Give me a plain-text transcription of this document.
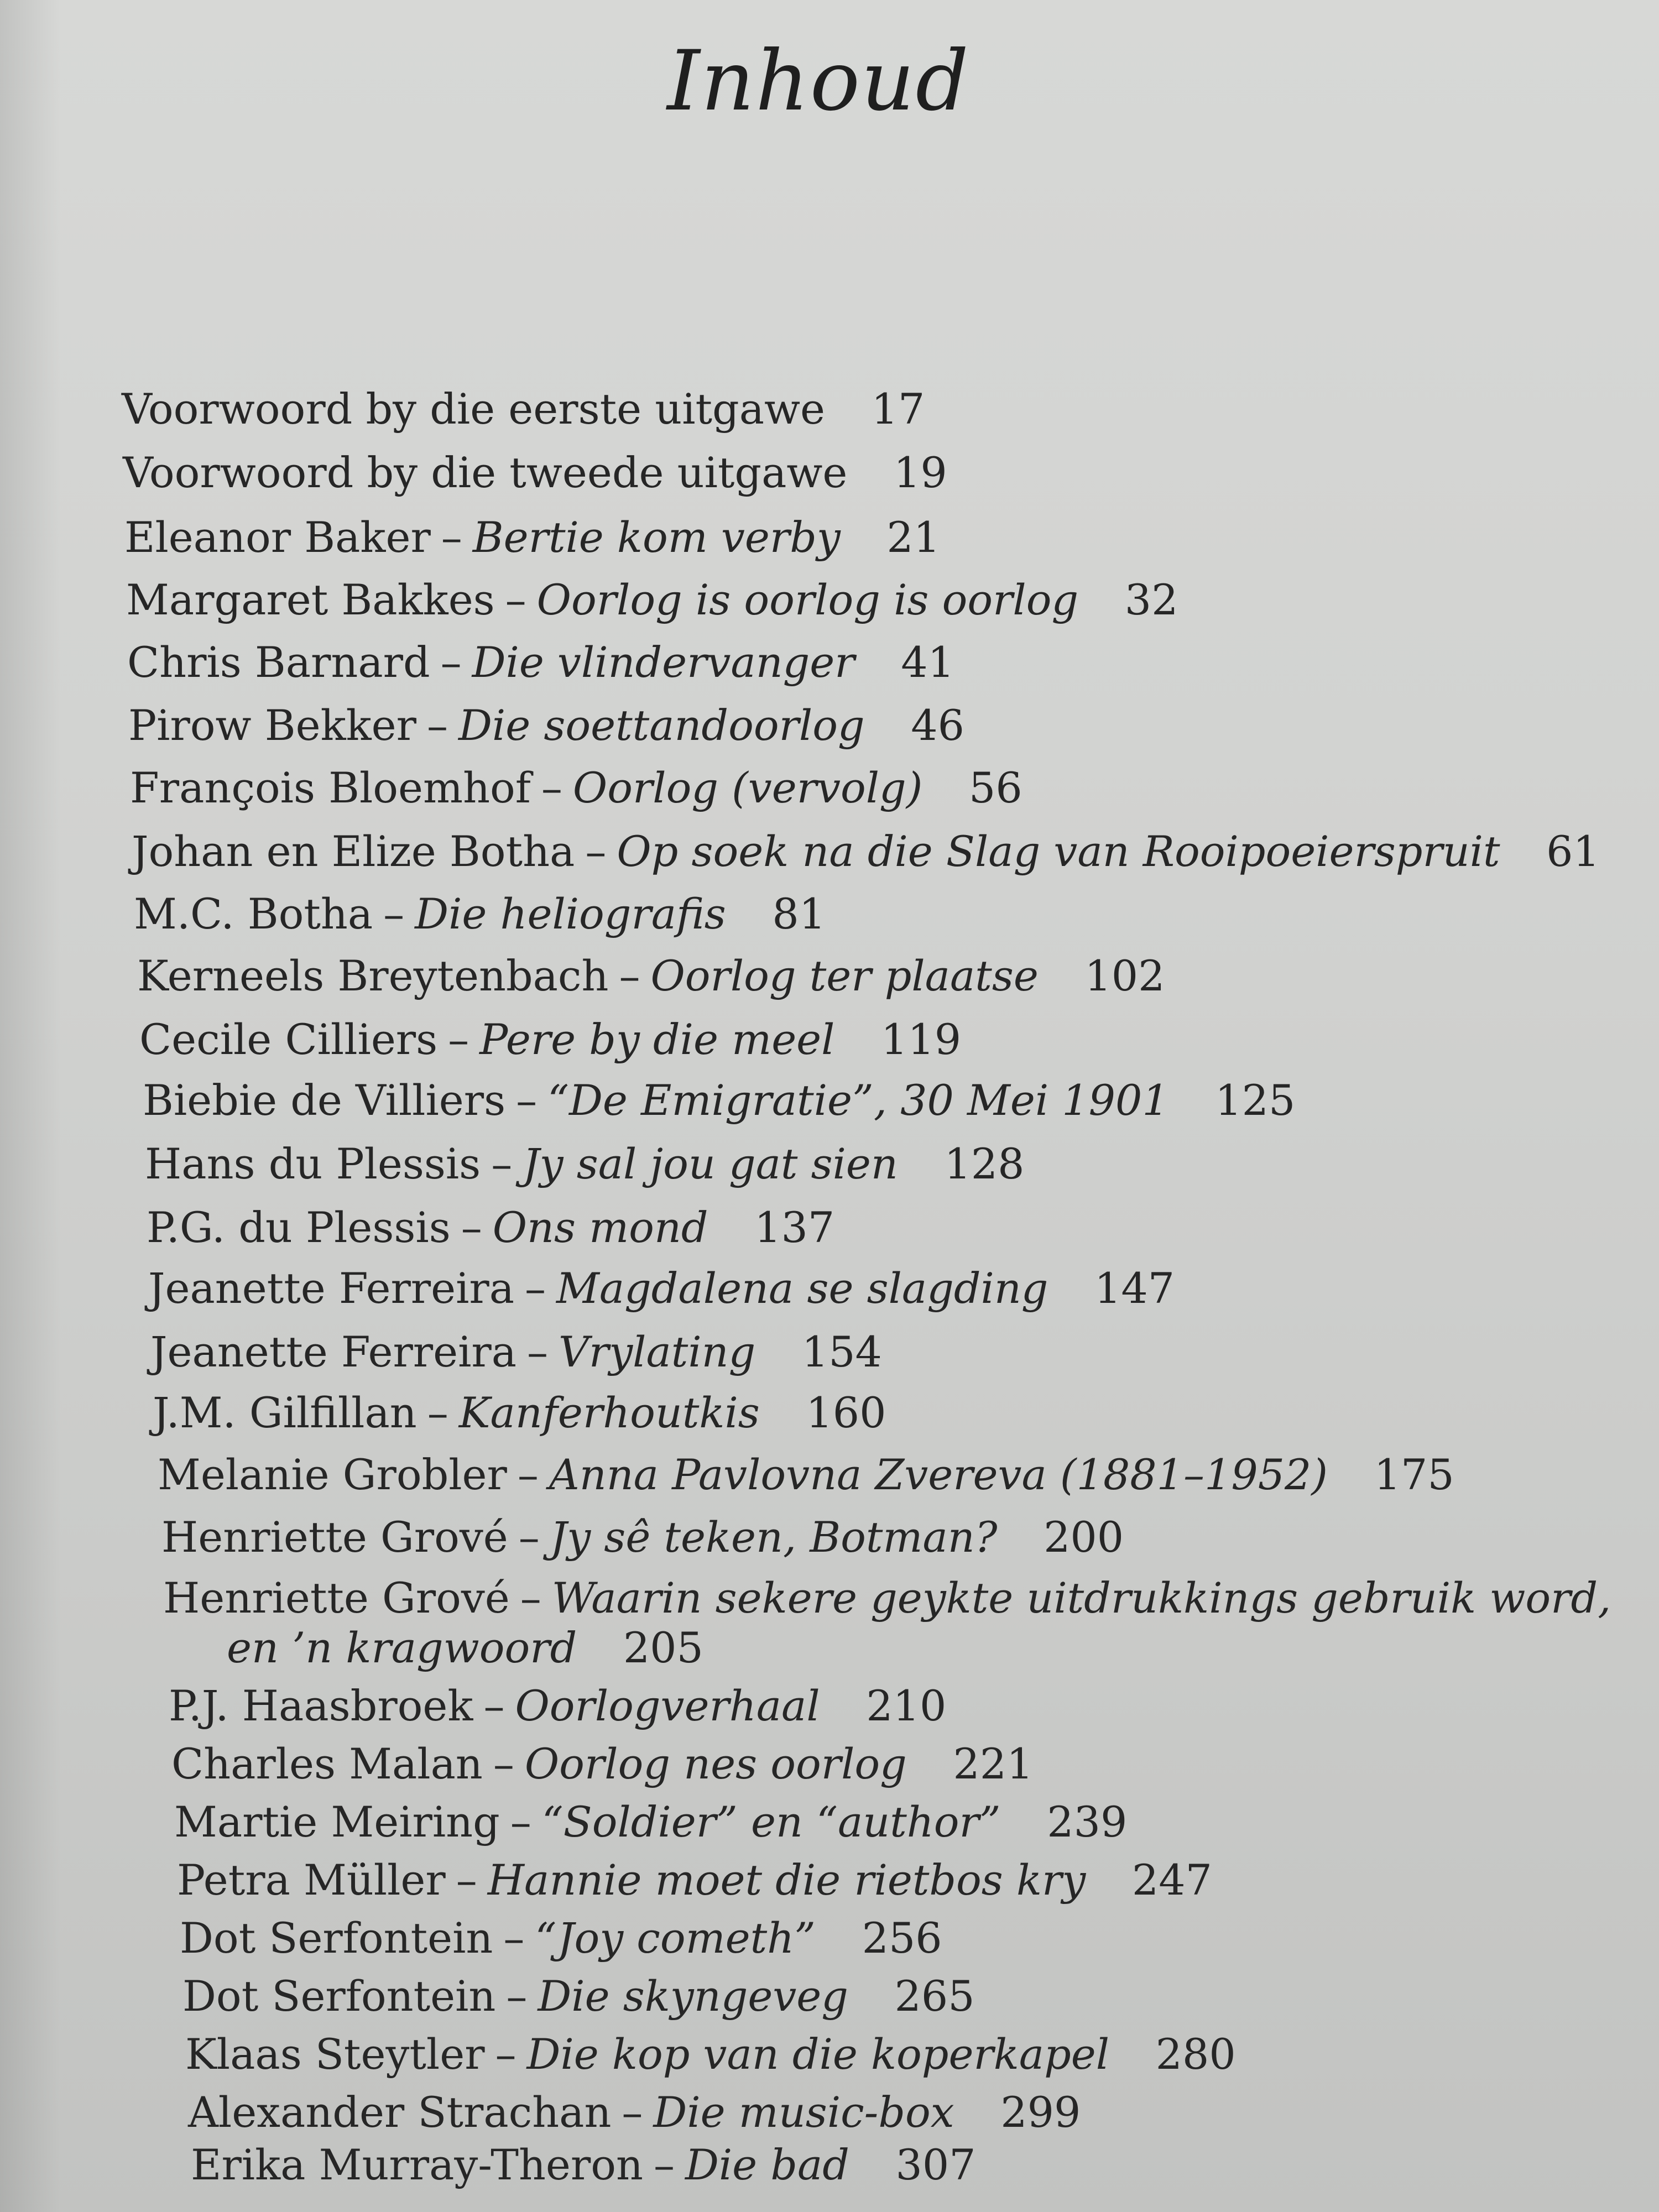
Inhoud
Voorwoord by die eerste uitgawe 17
Voorwoord by die tweede uitgawe 19
Eleanor Baker – Bertie kom verby 21
Margaret Bakkes – Oorlog is oorlog is oorlog 32
Chris Barnard – Die vlindervanger 41
Pirow Bekker – Die soettandoorlog 46
François Bloemhof – Oorlog (vervolg) 56
Johan en Elize Botha – Op soek na die Slag van Rooipoeierspruit 61
M.C. Botha – Die heliografis 81
Kerneels Breytenbach – Oorlog ter plaatse 102
Cecile Cilliers – Pere by die meel 119
Biebie de Villiers – “De Emigratie”, 30 Mei 1901 125
Hans du Plessis – Jy sal jou gat sien 128
P.G. du Plessis – Ons mond 137
Jeanette Ferreira – Magdalena se slagding 147
Jeanette Ferreira – Vrylating 154
J.M. Gilfillan – Kanferhoutkis 160
Melanie Grobler – Anna Pavlovna Zvereva (1881–1952) 175
Henriette Grové – Jy sê teken, Botman? 200
Henriette Grové – Waarin sekere geykte uitdrukkings gebruik word,
en ’n kragwoord 205
P.J. Haasbroek – Oorlogverhaal 210
Charles Malan – Oorlog nes oorlog 221
Martie Meiring – “Soldier” en “author” 239
Petra Müller – Hannie moet die rietbos kry 247
Dot Serfontein – “Joy cometh” 256
Dot Serfontein – Die skyngeveg 265
Klaas Steytler – Die kop van die koperkapel 280
Alexander Strachan – Die music-box 299
Erika Murray-Theron – Die bad 307
